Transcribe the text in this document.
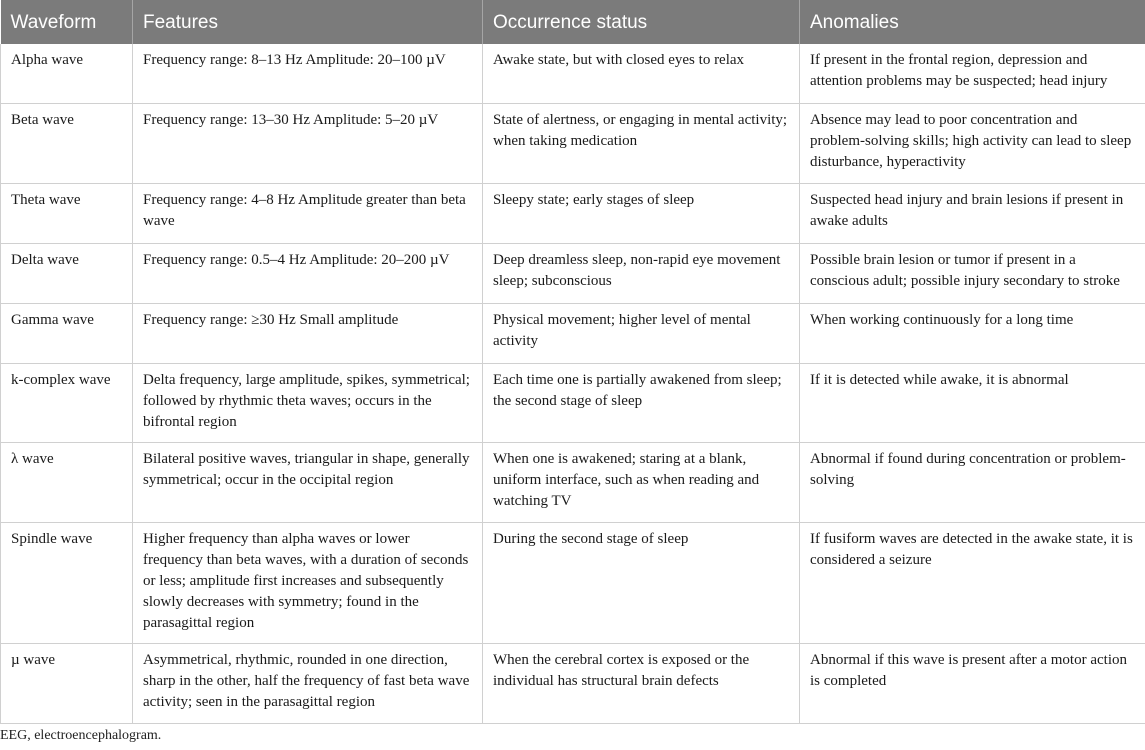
Waveform	Features	Occurrence status	Anomalies
Alpha wave	Frequency range: 8–13 Hz Amplitude: 20–100 µV	Awake state, but with closed eyes to relax	If present in the frontal region, depression and attention problems may be suspected; head injury
Beta wave	Frequency range: 13–30 Hz Amplitude: 5–20 µV	State of alertness, or engaging in mental activity; when taking medication	Absence may lead to poor concentration and problem-solving skills; high activity can lead to sleep disturbance, hyperactivity
Theta wave	Frequency range: 4–8 Hz Amplitude greater than beta wave	Sleepy state; early stages of sleep	Suspected head injury and brain lesions if present in awake adults
Delta wave	Frequency range: 0.5–4 Hz Amplitude: 20–200 µV	Deep dreamless sleep, non-rapid eye movement sleep; subconscious	Possible brain lesion or tumor if present in a conscious adult; possible injury secondary to stroke
Gamma wave	Frequency range: ≥30 Hz Small amplitude	Physical movement; higher level of mental activity	When working continuously for a long time
k-complex wave	Delta frequency, large amplitude, spikes, symmetrical; followed by rhythmic theta waves; occurs in the bifrontal region	Each time one is partially awakened from sleep; the second stage of sleep	If it is detected while awake, it is abnormal
λ wave	Bilateral positive waves, triangular in shape, generally symmetrical; occur in the occipital region	When one is awakened; staring at a blank, uniform interface, such as when reading and watching TV	Abnormal if found during concentration or problem-solving
Spindle wave	Higher frequency than alpha waves or lower frequency than beta waves, with a duration of seconds or less; amplitude first increases and subsequently slowly decreases with symmetry; found in the parasagittal region	During the second stage of sleep	If fusiform waves are detected in the awake state, it is considered a seizure
µ wave	Asymmetrical, rhythmic, rounded in one direction, sharp in the other, half the frequency of fast beta wave activity; seen in the parasagittal region	When the cerebral cortex is exposed or the individual has structural brain defects	Abnormal if this wave is present after a motor action is completed
EEG, electroencephalogram.
